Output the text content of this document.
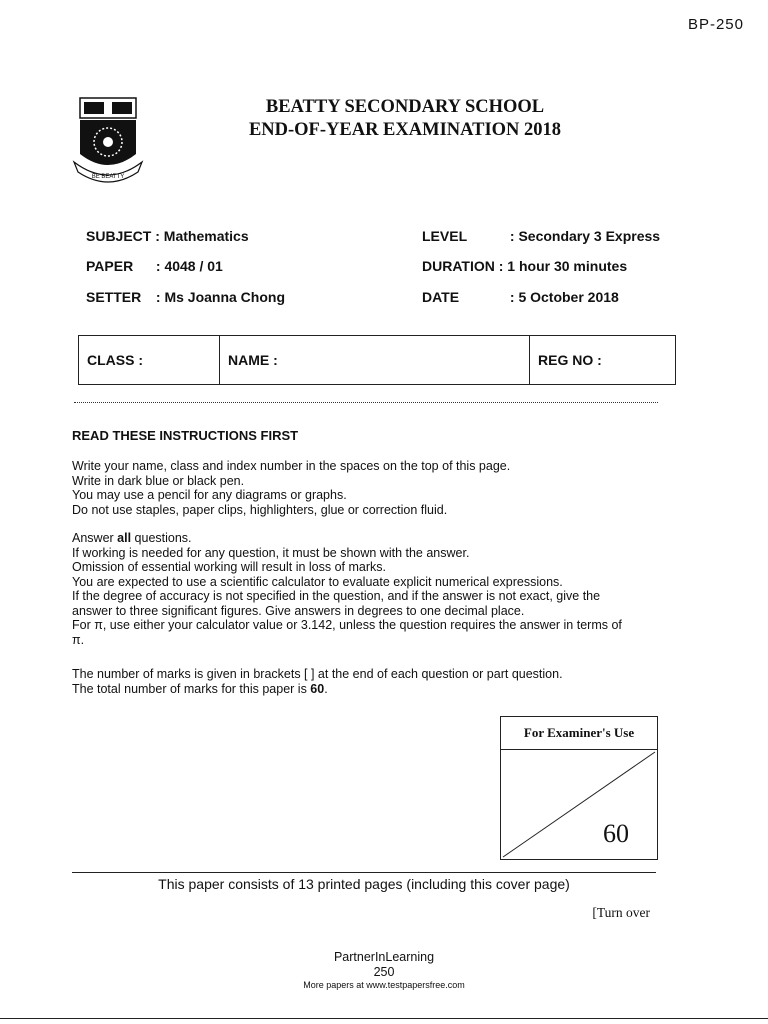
BP-250
BE BEATTY
BEATTY SECONDARY SCHOOL
END-OF-YEAR EXAMINATION 2018
SUBJECT : Mathematics
PAPER : 4048 / 01
SETTER : Ms Joanna Chong
LEVEL	: Secondary 3 Express
DURATION : 1 hour 30 minutes
DATE	: 5 October 2018
CLASS :	NAME :	REG NO :
READ THESE INSTRUCTIONS FIRST
Write your name, class and index number in the spaces on the top of this page.
Write in dark blue or black pen.
You may use a pencil for any diagrams or graphs.
Do not use staples, paper clips, highlighters, glue or correction fluid.
Answer all questions.
If working is needed for any question, it must be shown with the answer.
Omission of essential working will result in loss of marks.
You are expected to use a scientific calculator to evaluate explicit numerical expressions.
If the degree of accuracy is not specified in the question, and if the answer is not exact, give the
answer to three significant figures. Give answers in degrees to one decimal place.
For π, use either your calculator value or 3.142, unless the question requires the answer in terms of
π.
The number of marks is given in brackets [ ] at the end of each question or part question.
The total number of marks for this paper is 60.
For Examiner's Use
60
This paper consists of 13 printed pages (including this cover page)
[Turn over
PartnerInLearning
250
More papers at www.testpapersfree.com
